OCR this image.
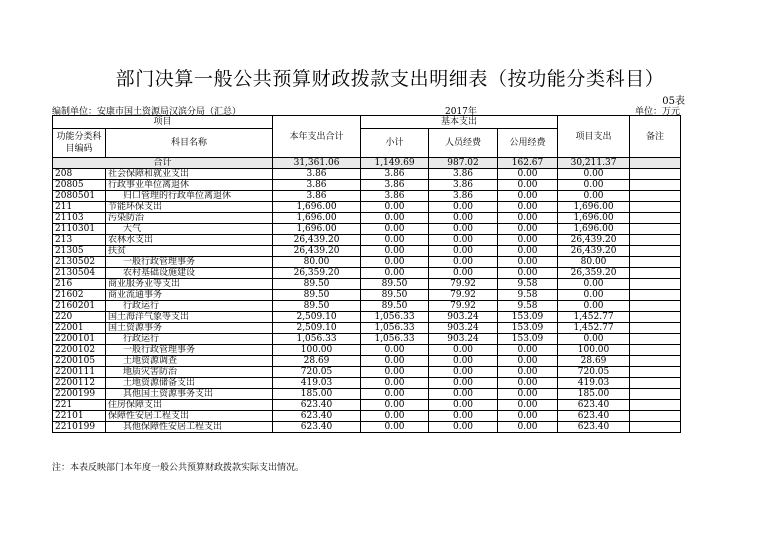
部门决算一般公共预算财政拨款支出明细表（按功能分类科目）
05表
编制单位：安康市国土资源局汉滨分局（汇总）	2017年	单位：万元
项目		本年支出合计	基本支出			项目支出	备注
功能分类科目编码	科目名称		小计	人员经费	公用经费		
合计		31,361.06	1,149.69	987.02	162.67	30,211.37	
208	社会保障和就业支出	3.86	3.86	3.86	0.00	0.00	
20805	行政事业单位离退休	3.86	3.86	3.86	0.00	0.00	
2080501	归口管理的行政单位离退休	3.86	3.86	3.86	0.00	0.00	
211	节能环保支出	1,696.00	0.00	0.00	0.00	1,696.00	
21103	污染防治	1,696.00	0.00	0.00	0.00	1,696.00	
2110301	大气	1,696.00	0.00	0.00	0.00	1,696.00	
213	农林水支出	26,439.20	0.00	0.00	0.00	26,439.20	
21305	扶贫	26,439.20	0.00	0.00	0.00	26,439.20	
2130502	一般行政管理事务	80.00	0.00	0.00	0.00	80.00	
2130504	农村基础设施建设	26,359.20	0.00	0.00	0.00	26,359.20	
216	商业服务业等支出	89.50	89.50	79.92	9.58	0.00	
21602	商业流通事务	89.50	89.50	79.92	9.58	0.00	
2160201	行政运行	89.50	89.50	79.92	9.58	0.00	
220	国土海洋气象等支出	2,509.10	1,056.33	903.24	153.09	1,452.77	
22001	国土资源事务	2,509.10	1,056.33	903.24	153.09	1,452.77	
2200101	行政运行	1,056.33	1,056.33	903.24	153.09	0.00	
2200102	一般行政管理事务	100.00	0.00	0.00	0.00	100.00	
2200105	土地资源调查	28.69	0.00	0.00	0.00	28.69	
2200111	地质灾害防治	720.05	0.00	0.00	0.00	720.05	
2200112	土地资源储备支出	419.03	0.00	0.00	0.00	419.03	
2200199	其他国土资源事务支出	185.00	0.00	0.00	0.00	185.00	
221	住房保障支出	623.40	0.00	0.00	0.00	623.40	
22101	保障性安居工程支出	623.40	0.00	0.00	0.00	623.40	
2210199	其他保障性安居工程支出	623.40	0.00	0.00	0.00	623.40	
注：本表反映部门本年度一般公共预算财政拨款实际支出情况。
